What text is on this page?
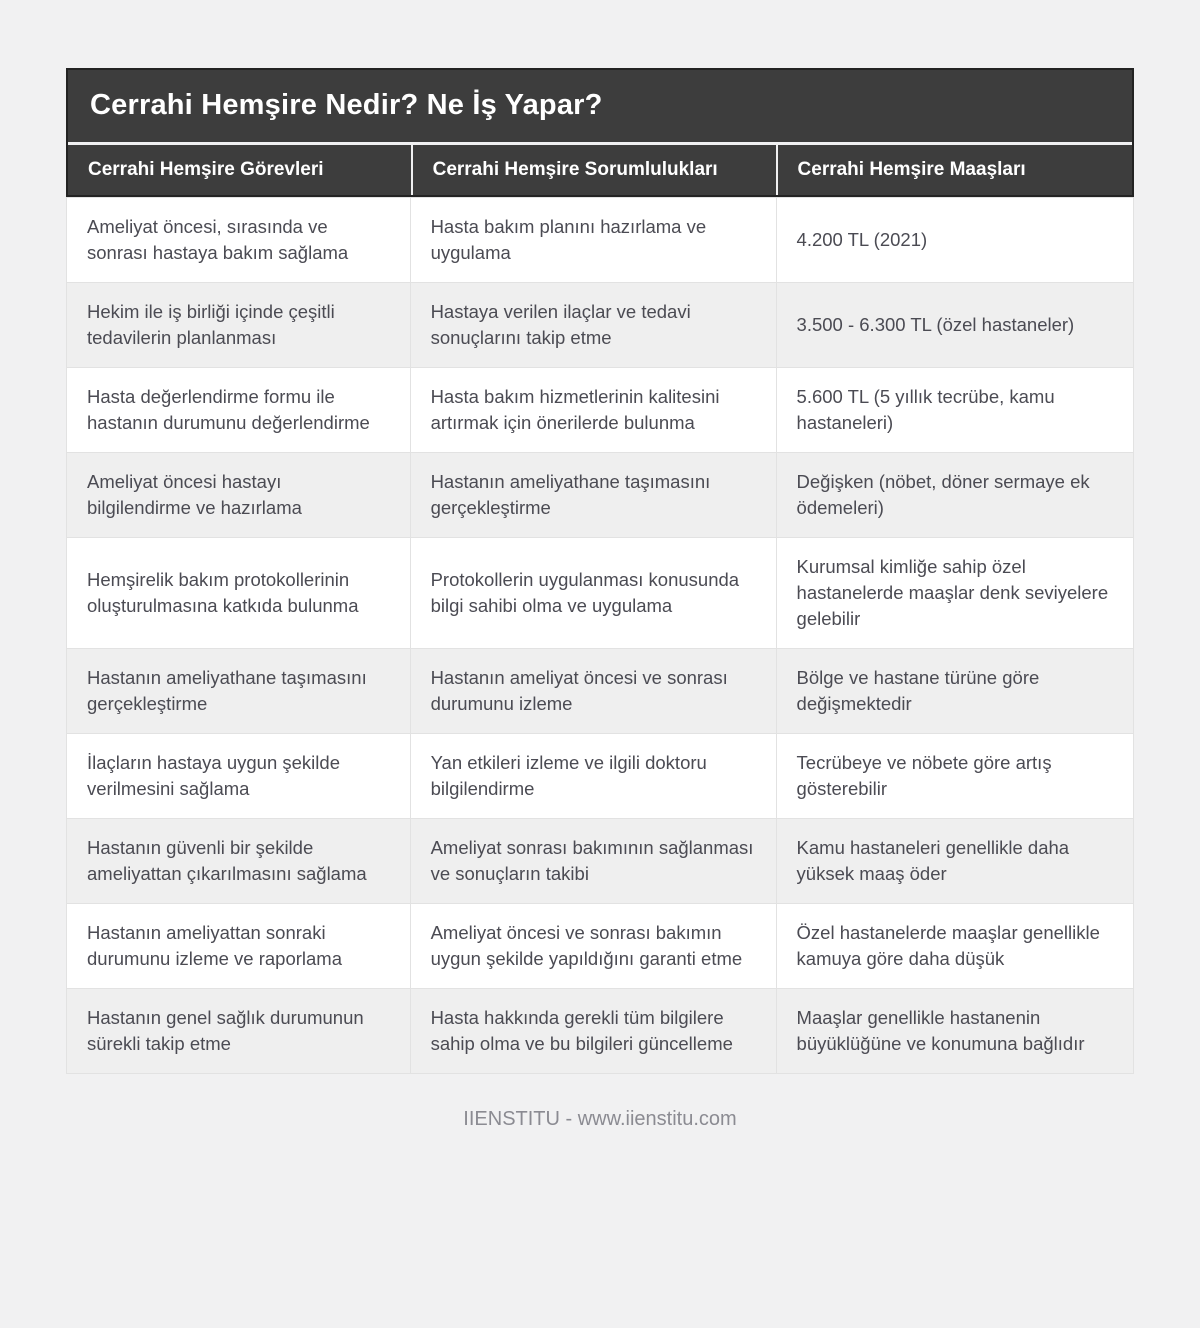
Cerrahi Hemşire Nedir? Ne İş Yapar?
Cerrahi Hemşire Görevleri	Cerrahi Hemşire Sorumlulukları	Cerrahi Hemşire Maaşları
Ameliyat öncesi, sırasında ve sonrası hastaya bakım sağlama	Hasta bakım planını hazırlama ve uygulama	4.200 TL (2021)
Hekim ile iş birliği içinde çeşitli tedavilerin planlanması	Hastaya verilen ilaçlar ve tedavi sonuçlarını takip etme	3.500 - 6.300 TL (özel hastaneler)
Hasta değerlendirme formu ile hastanın durumunu değerlendirme	Hasta bakım hizmetlerinin kalitesini artırmak için önerilerde bulunma	5.600 TL (5 yıllık tecrübe, kamu hastaneleri)
Ameliyat öncesi hastayı bilgilendirme ve hazırlama	Hastanın ameliyathane taşımasını gerçekleştirme	Değişken (nöbet, döner sermaye ek ödemeleri)
Hemşirelik bakım protokollerinin oluşturulmasına katkıda bulunma	Protokollerin uygulanması konusunda bilgi sahibi olma ve uygulama	Kurumsal kimliğe sahip özel hastanelerde maaşlar denk seviyelere gelebilir
Hastanın ameliyathane taşımasını gerçekleştirme	Hastanın ameliyat öncesi ve sonrası durumunu izleme	Bölge ve hastane türüne göre değişmektedir
İlaçların hastaya uygun şekilde verilmesini sağlama	Yan etkileri izleme ve ilgili doktoru bilgilendirme	Tecrübeye ve nöbete göre artış gösterebilir
Hastanın güvenli bir şekilde ameliyattan çıkarılmasını sağlama	Ameliyat sonrası bakımının sağlanması ve sonuçların takibi	Kamu hastaneleri genellikle daha yüksek maaş öder
Hastanın ameliyattan sonraki durumunu izleme ve raporlama	Ameliyat öncesi ve sonrası bakımın uygun şekilde yapıldığını garanti etme	Özel hastanelerde maaşlar genellikle kamuya göre daha düşük
Hastanın genel sağlık durumunun sürekli takip etme	Hasta hakkında gerekli tüm bilgilere sahip olma ve bu bilgileri güncelleme	Maaşlar genellikle hastanenin büyüklüğüne ve konumuna bağlıdır
IIENSTITU - www.iienstitu.com
